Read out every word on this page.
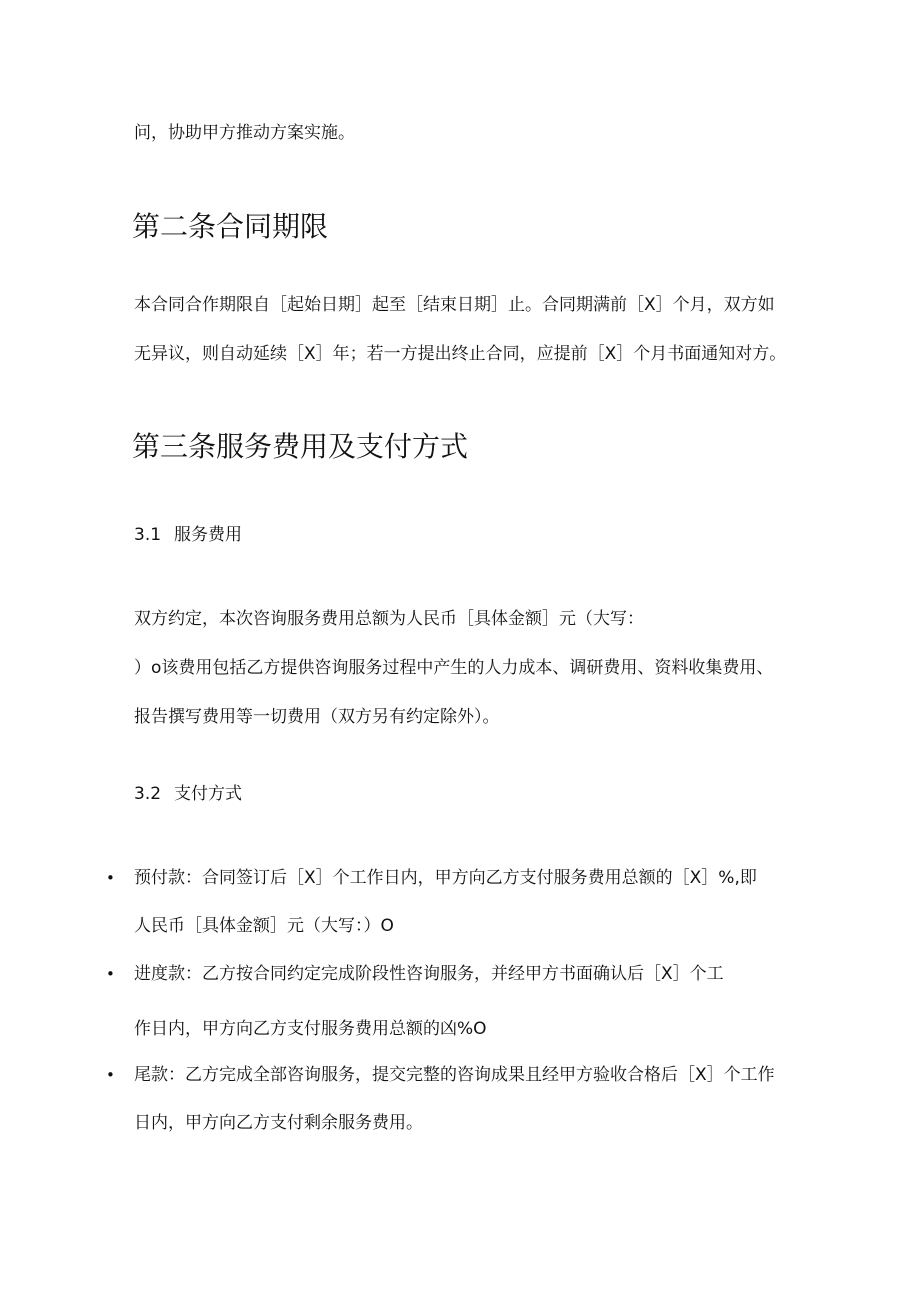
问，协助甲方推动方案实施。
第二条合同期限
本合同合作期限自［起始日期］起至［结束日期］止。合同期满前［X］个月，双方如
无异议，则自动延续［X］年；若一方提出终止合同，应提前［X］个月书面通知对方。
第三条服务费用及支付方式
3.1 服务费用
双方约定，本次咨询服务费用总额为人民币［具体金额］元（大写：
）o该费用包括乙方提供咨询服务过程中产生的人力成本、调研费用、资料收集费用、
报告撰写费用等一切费用（双方另有约定除外）。
3.2 支付方式
• 预付款：合同签订后［X］个工作日内，甲方向乙方支付服务费用总额的［X］%,即
人民币［具体金额］元（大写：）O
• 进度款：乙方按合同约定完成阶段性咨询服务，并经甲方书面确认后［X］个工
作日内，甲方向乙方支付服务费用总额的凶%O
• 尾款：乙方完成全部咨询服务，提交完整的咨询成果且经甲方验收合格后［X］个工作
日内，甲方向乙方支付剩余服务费用。
